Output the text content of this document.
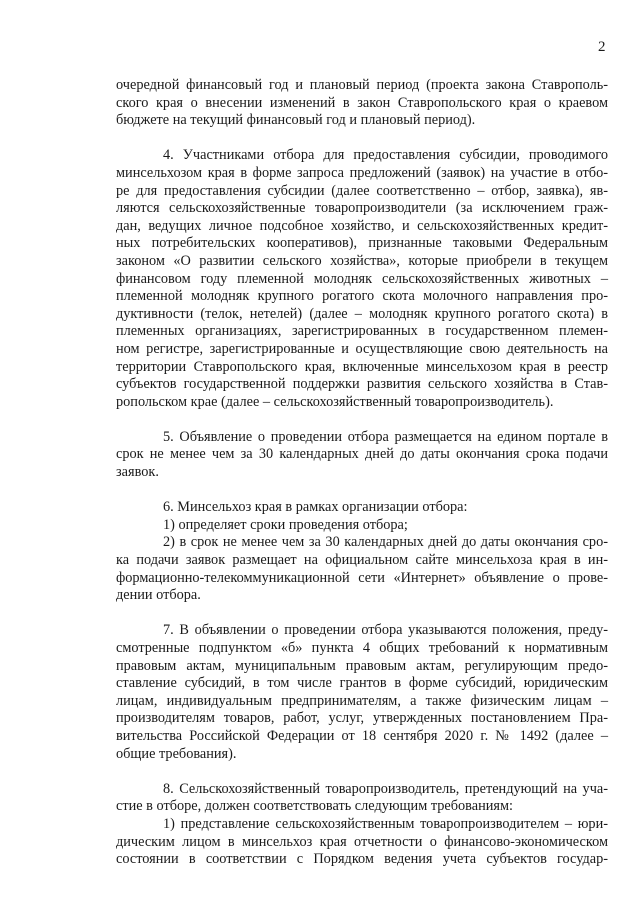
2

очередной финансовый год и плановый период (проекта закона Ставрополь-

ского края о внесении изменений в закон Ставропольского края о краевом

бюджете на текущий финансовый год и плановый период).

4. Участниками отбора для предоставления субсидии, проводимого

минсельхозом края в форме запроса предложений (заявок) на участие в отбо-

ре для предоставления субсидии (далее соответственно – отбор, заявка), яв-

ляются сельскохозяйственные товаропроизводители (за исключением граж-

дан, ведущих личное подсобное хозяйство, и сельскохозяйственных кредит-

ных потребительских кооперативов), признанные таковыми Федеральным

законом «О развитии сельского хозяйства», которые приобрели в текущем

финансовом году племенной молодняк сельскохозяйственных животных –

племенной молодняк крупного рогатого скота молочного направления про-

дуктивности (телок, нетелей) (далее – молодняк крупного рогатого скота) в

племенных организациях, зарегистрированных в государственном племен-

ном регистре, зарегистрированные и осуществляющие свою деятельность на

территории Ставропольского края, включенные минсельхозом края в реестр

субъектов государственной поддержки развития сельского хозяйства в Став-

ропольском крае (далее – сельскохозяйственный товаропроизводитель).

5. Объявление о проведении отбора размещается на едином портале в

срок не менее чем за 30 календарных дней до даты окончания срока подачи

заявок.

6. Минсельхоз края в рамках организации отбора:

1) определяет сроки проведения отбора;

2) в срок не менее чем за 30 календарных дней до даты окончания сро-

ка подачи заявок размещает на официальном сайте минсельхоза края в ин-

формационно-телекоммуникационной сети «Интернет» объявление о прове-

дении отбора.

7. В объявлении о проведении отбора указываются положения, преду-

смотренные подпунктом «б» пункта 4 общих требований к нормативным

правовым актам, муниципальным правовым актам, регулирующим предо-

ставление субсидий, в том числе грантов в форме субсидий, юридическим

лицам, индивидуальным предпринимателям, а также физическим лицам –

производителям товаров, работ, услуг, утвержденных постановлением Пра-

вительства Российской Федерации от 18 сентября 2020 г. № 1492 (далее –

общие требования).

8. Сельскохозяйственный товаропроизводитель, претендующий на уча-

стие в отборе, должен соответствовать следующим требованиям:

1) представление сельскохозяйственным товаропроизводителем – юри-

дическим лицом в минсельхоз края отчетности о финансово-экономическом

состоянии в соответствии с Порядком ведения учета субъектов государ-
